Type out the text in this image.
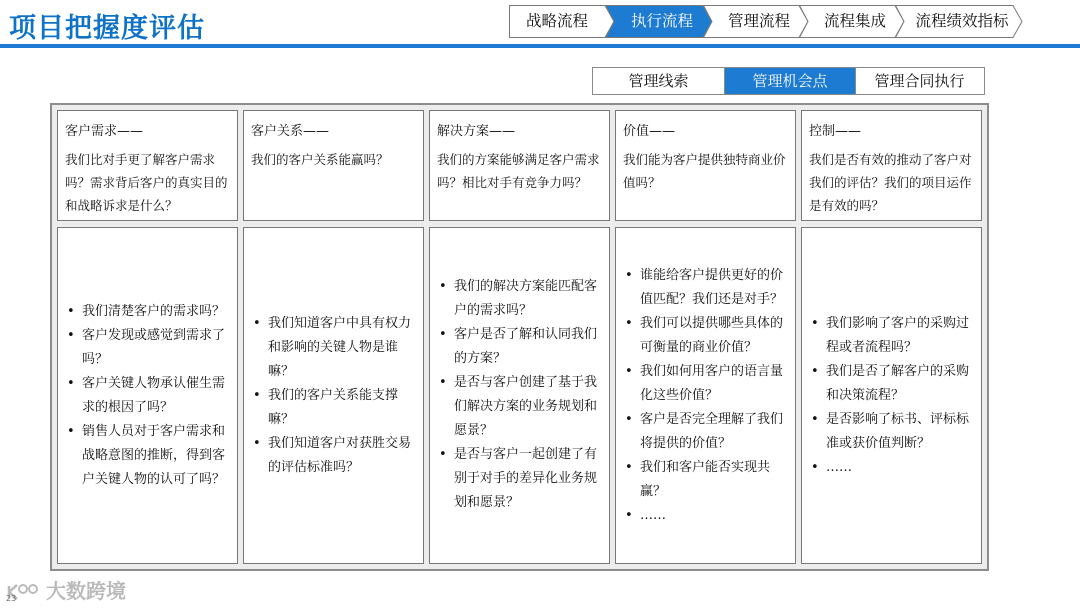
项目把握度评估	战略流程	执行流程	管理流程	流程集成	流程绩效指标
管理线索	管理机会点	管理合同执行
客户需求——
我们比对手更了解客户需求吗？需求背后客户的真实目的和战略诉求是什么？
• 我们清楚客户的需求吗？
• 客户发现或感觉到需求了吗？
• 客户关键人物承认催生需求的根因了吗？
• 销售人员对于客户需求和战略意图的推断，得到客户关键人物的认可了吗？
客户关系——
我们的客户关系能赢吗？
• 我们知道客户中具有权力和影响的关键人物是谁嘛？
• 我们的客户关系能支撑嘛？
• 我们知道客户对获胜交易的评估标准吗？
解决方案——
我们的方案能够满足客户需求吗？相比对手有竞争力吗？
• 我们的解决方案能匹配客户的需求吗？
• 客户是否了解和认同我们的方案？
• 是否与客户创建了基于我们解决方案的业务规划和愿景？
• 是否与客户一起创建了有别于对手的差异化业务规划和愿景？
价值——
我们能为客户提供独特商业价值吗？
• 谁能给客户提供更好的价值匹配？我们还是对手？
• 我们可以提供哪些具体的可衡量的商业价值？
• 我们如何用客户的语言量化这些价值？
• 客户是否完全理解了我们将提供的价值？
• 我们和客户能否实现共赢？
• ……
控制——
我们是否有效的推动了客户对我们的评估？我们的项目运作是有效的吗？
• 我们影响了客户的采购过程或者流程吗？
• 我们是否了解客户的采购和决策流程？
• 是否影响了标书、评标标准或获价值判断？
• ……
大数跨境
23
